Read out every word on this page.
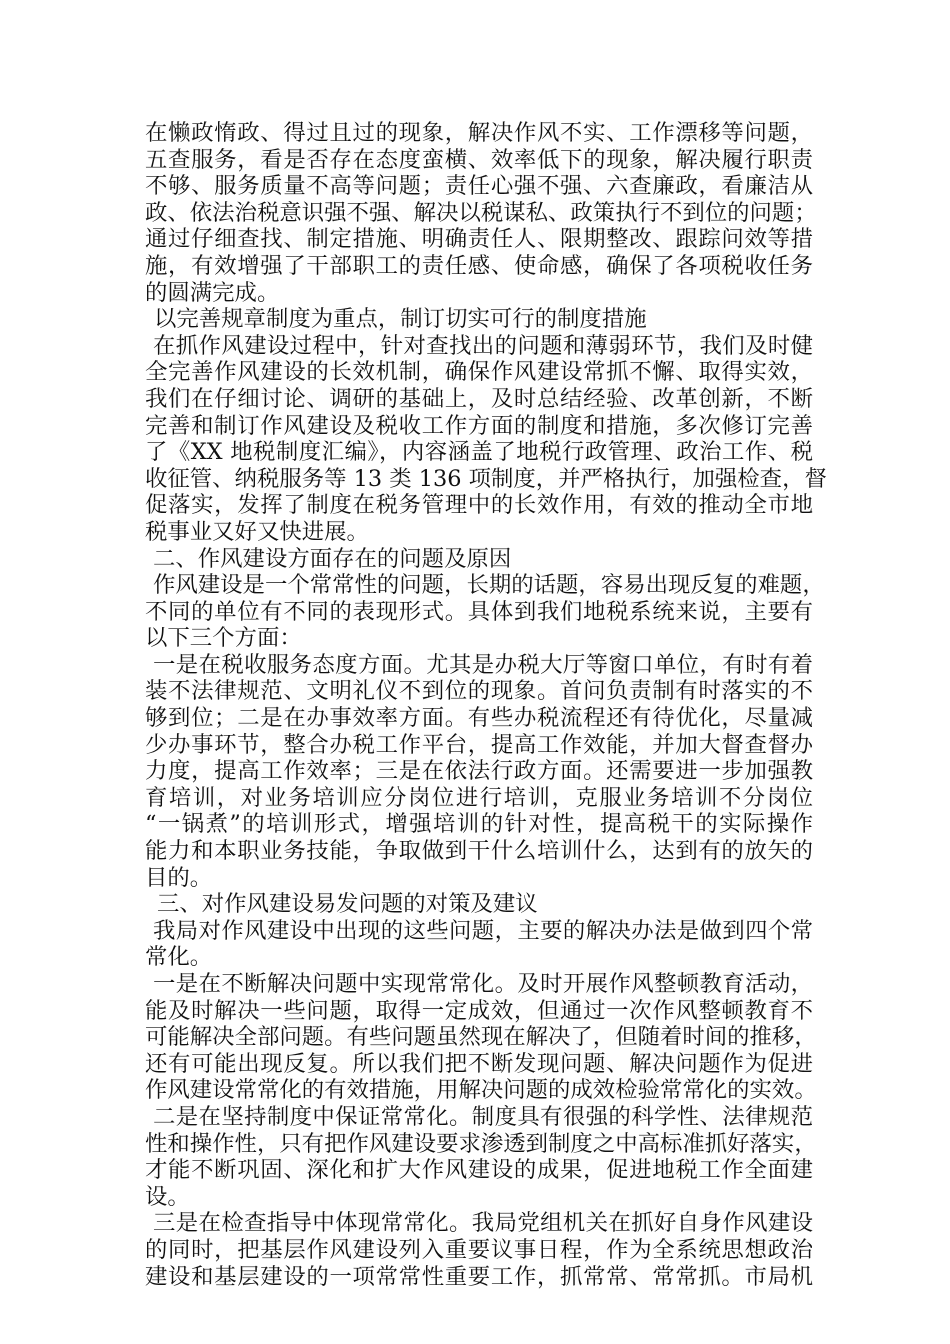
在懒政惰政、得过且过的现象，解决作风不实、工作漂移等问题，
五查服务，看是否存在态度蛮横、效率低下的现象，解决履行职责
不够、服务质量不高等问题；责任心强不强、六查廉政，看廉洁从
政、依法治税意识强不强、解决以税谋私、政策执行不到位的问题；
通过仔细查找、制定措施、明确责任人、限期整改、跟踪问效等措
施，有效增强了干部职工的责任感、使命感，确保了各项税收任务
的圆满完成。
以完善规章制度为重点，制订切实可行的制度措施
在抓作风建设过程中，针对查找出的问题和薄弱环节，我们及时健
全完善作风建设的长效机制，确保作风建设常抓不懈、取得实效，
我们在仔细讨论、调研的基础上，及时总结经验、改革创新，不断
完善和制订作风建设及税收工作方面的制度和措施，多次修订完善
了《XX 地税制度汇编》，内容涵盖了地税行政管理、政治工作、税
收征管、纳税服务等 13 类 136 项制度，并严格执行，加强检查，督
促落实，发挥了制度在税务管理中的长效作用，有效的推动全市地
税事业又好又快进展。
二、作风建设方面存在的问题及原因
作风建设是一个常常性的问题，长期的话题，容易出现反复的难题，
不同的单位有不同的表现形式。具体到我们地税系统来说，主要有
以下三个方面：
一是在税收服务态度方面。尤其是办税大厅等窗口单位，有时有着
装不法律规范、文明礼仪不到位的现象。首问负责制有时落实的不
够到位；二是在办事效率方面。有些办税流程还有待优化，尽量减
少办事环节，整合办税工作平台，提高工作效能，并加大督查督办
力度，提高工作效率；三是在依法行政方面。还需要进一步加强教
育培训，对业务培训应分岗位进行培训，克服业务培训不分岗位
“一锅煮”的培训形式，增强培训的针对性，提高税干的实际操作
能力和本职业务技能，争取做到干什么培训什么，达到有的放矢的
目的。
三、对作风建设易发问题的对策及建议
我局对作风建设中出现的这些问题，主要的解决办法是做到四个常
常化。
一是在不断解决问题中实现常常化。及时开展作风整顿教育活动，
能及时解决一些问题，取得一定成效，但通过一次作风整顿教育不
可能解决全部问题。有些问题虽然现在解决了，但随着时间的推移，
还有可能出现反复。所以我们把不断发现问题、解决问题作为促进
作风建设常常化的有效措施，用解决问题的成效检验常常化的实效。
二是在坚持制度中保证常常化。制度具有很强的科学性、法律规范
性和操作性，只有把作风建设要求渗透到制度之中高标准抓好落实，
才能不断巩固、深化和扩大作风建设的成果，促进地税工作全面建
设。
三是在检查指导中体现常常化。我局党组机关在抓好自身作风建设
的同时，把基层作风建设列入重要议事日程，作为全系统思想政治
建设和基层建设的一项常常性重要工作，抓常常、常常抓。市局机
